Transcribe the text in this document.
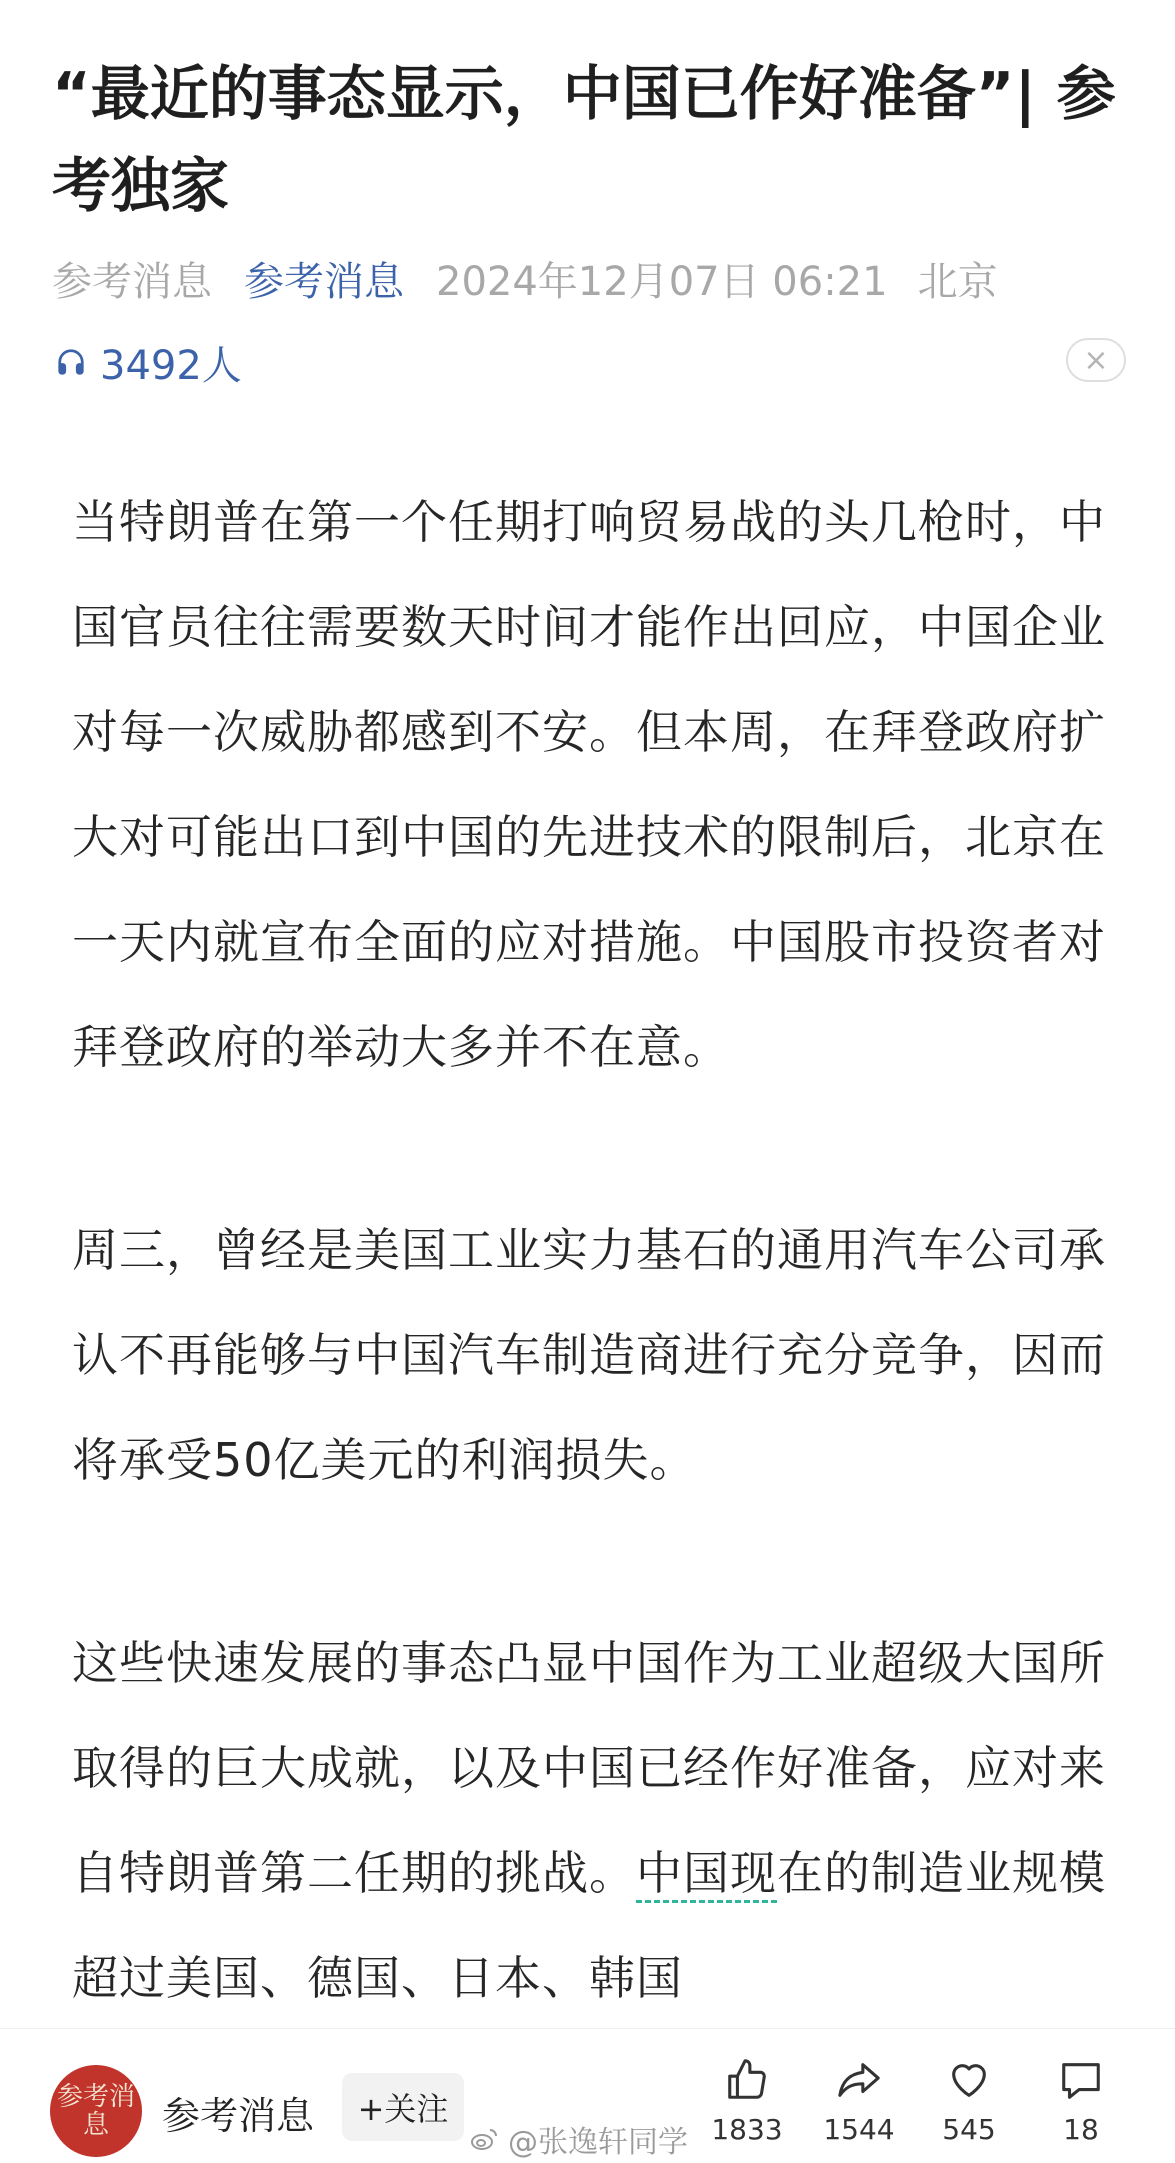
“最近的事态显示，中国已作好准备”| 参考独家
参考消息 参考消息 2024年12月07日 06:21 北京
3492人	×

当特朗普在第一个任期打响贸易战的头几枪时，中国官员往往需要数天时间才能作出回应，中国企业对每一次威胁都感到不安。但本周，在拜登政府扩大对可能出口到中国的先进技术的限制后，北京在一天内就宣布全面的应对措施。中国股市投资者对拜登政府的举动大多并不在意。

周三，曾经是美国工业实力基石的通用汽车公司承认不再能够与中国汽车制造商进行充分竞争，因而将承受50亿美元的利润损失。

这些快速发展的事态凸显中国作为工业超级大国所取得的巨大成就，以及中国已经作好准备，应对来自特朗普第二任期的挑战。中国现在的制造业规模超过美国、德国、日本、韩国

参考消息	参考消息	+关注
@张逸轩同学 1833	1544	545	18
